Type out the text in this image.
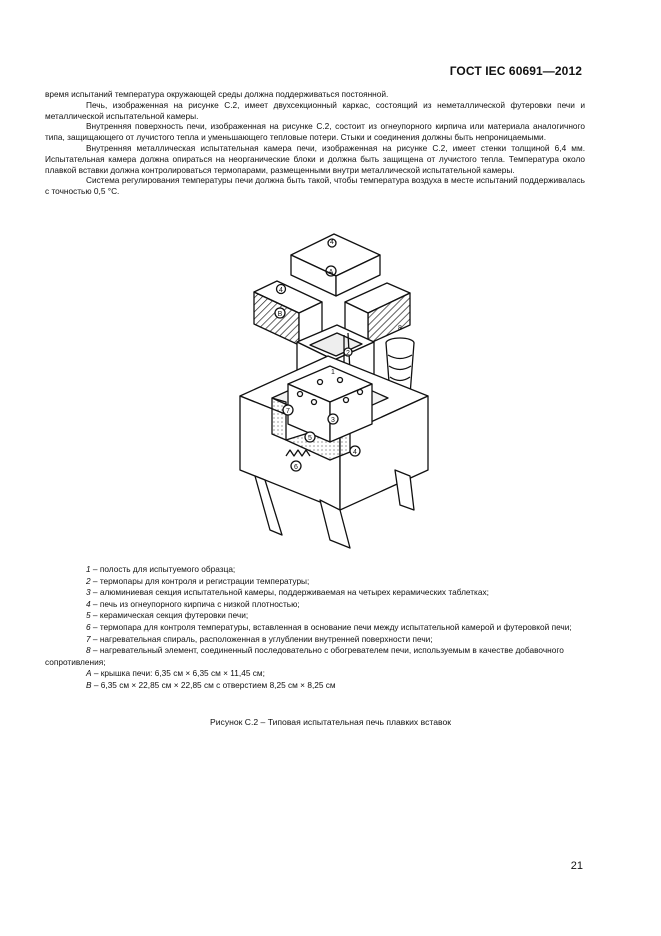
ГОСТ IEC 60691—2012

время испытаний температура окружающей среды должна поддерживаться постоянной.

Печь, изображенная на рисунке С.2, имеет двухсекционный каркас, состоящий из неметаллической футеровки печи и металлической испытательной камеры.

Внутренняя поверхность печи, изображенная на рисунке С.2, состоит из огнеупорного кирпича или материала аналогичного типа, защищающего от лучистого тепла и уменьшающего тепловые потери. Стыки и соединения должны быть непроницаемыми.

Внутренняя металлическая испытательная камера печи, изображенная на рисунке С.2, имеет стенки толщиной 6,4 мм. Испытательная камера должна опираться на неорганические блоки и должна быть защищена от лучистого тепла. Температура около плавкой вставки должна контролироваться термопарами, размещенными внутри металлической испытательной камеры.

Система регулирования температуры печи должна быть такой, чтобы температура воздуха в месте испытаний поддерживалась с точностью 0,5 °С.

A
B
4
4
1
2
5
3
4
7
6
8

1 – полость для испытуемого образца;

2 – термопары для контроля и регистрации температуры;

3 – алюминиевая секция испытательной камеры, поддерживаемая на четырех керамических таблетках;

4 – печь из огнеупорного кирпича с низкой плотностью;

5 – керамическая секция футеровки печи;

6 – термопара для контроля температуры, вставленная в основание печи между испытательной камерой и футеровкой печи;

7 – нагревательная спираль, расположенная в углублении внутренней поверхности печи;

8 – нагревательный элемент, соединенный последовательно с обогревателем печи, используемым в качестве добавочного сопротивления;

А – крышка печи: 6,35 см × 6,35 см × 11,45 см;

В – 6,35 см × 22,85 см × 22,85 см с отверстием 8,25 см × 8,25 см

Рисунок С.2 – Типовая испытательная печь плавких вставок
21
